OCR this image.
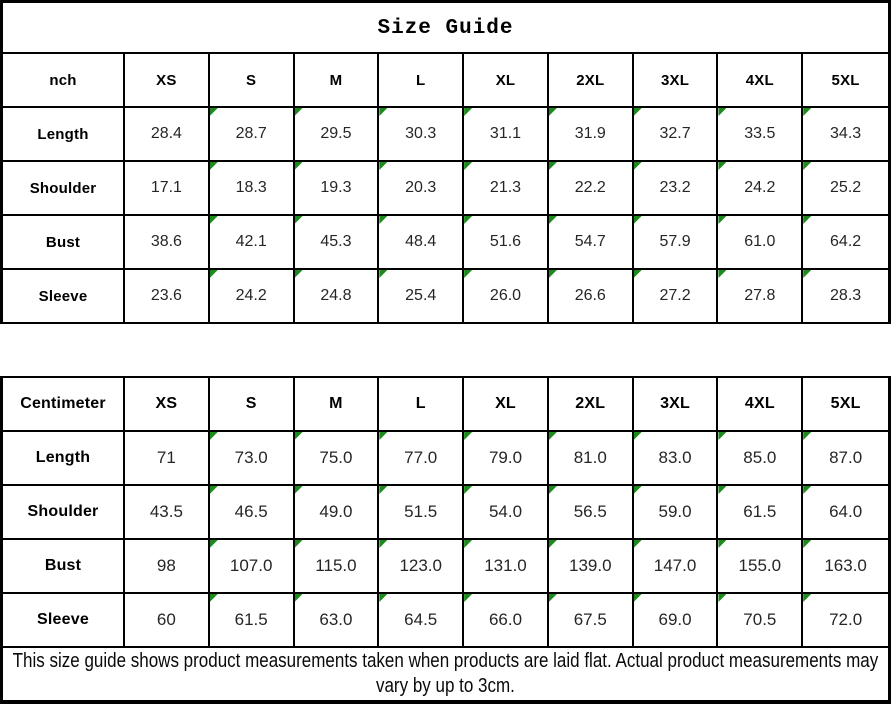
Size Guide
nch	XS	S	M	L	XL	2XL	3XL	4XL	5XL
Length	28.4	28.7	29.5	30.3	31.1	31.9	32.7	33.5	34.3
Shoulder	17.1	18.3	19.3	20.3	21.3	22.2	23.2	24.2	25.2
Bust	38.6	42.1	45.3	48.4	51.6	54.7	57.9	61.0	64.2
Sleeve	23.6	24.2	24.8	25.4	26.0	26.6	27.2	27.8	28.3
Centimeter	XS	S	M	L	XL	2XL	3XL	4XL	5XL
Length	71	73.0	75.0	77.0	79.0	81.0	83.0	85.0	87.0
Shoulder	43.5	46.5	49.0	51.5	54.0	56.5	59.0	61.5	64.0
Bust	98	107.0	115.0	123.0 131.0 139.0 147.0 155.0	163.0
Sleeve	60	61.5	63.0	64.5	66.0	67.5	69.0	70.5	72.0
This size guide shows product measurements taken when products are laid flat. Actual product measurements may vary by up to 3cm.
